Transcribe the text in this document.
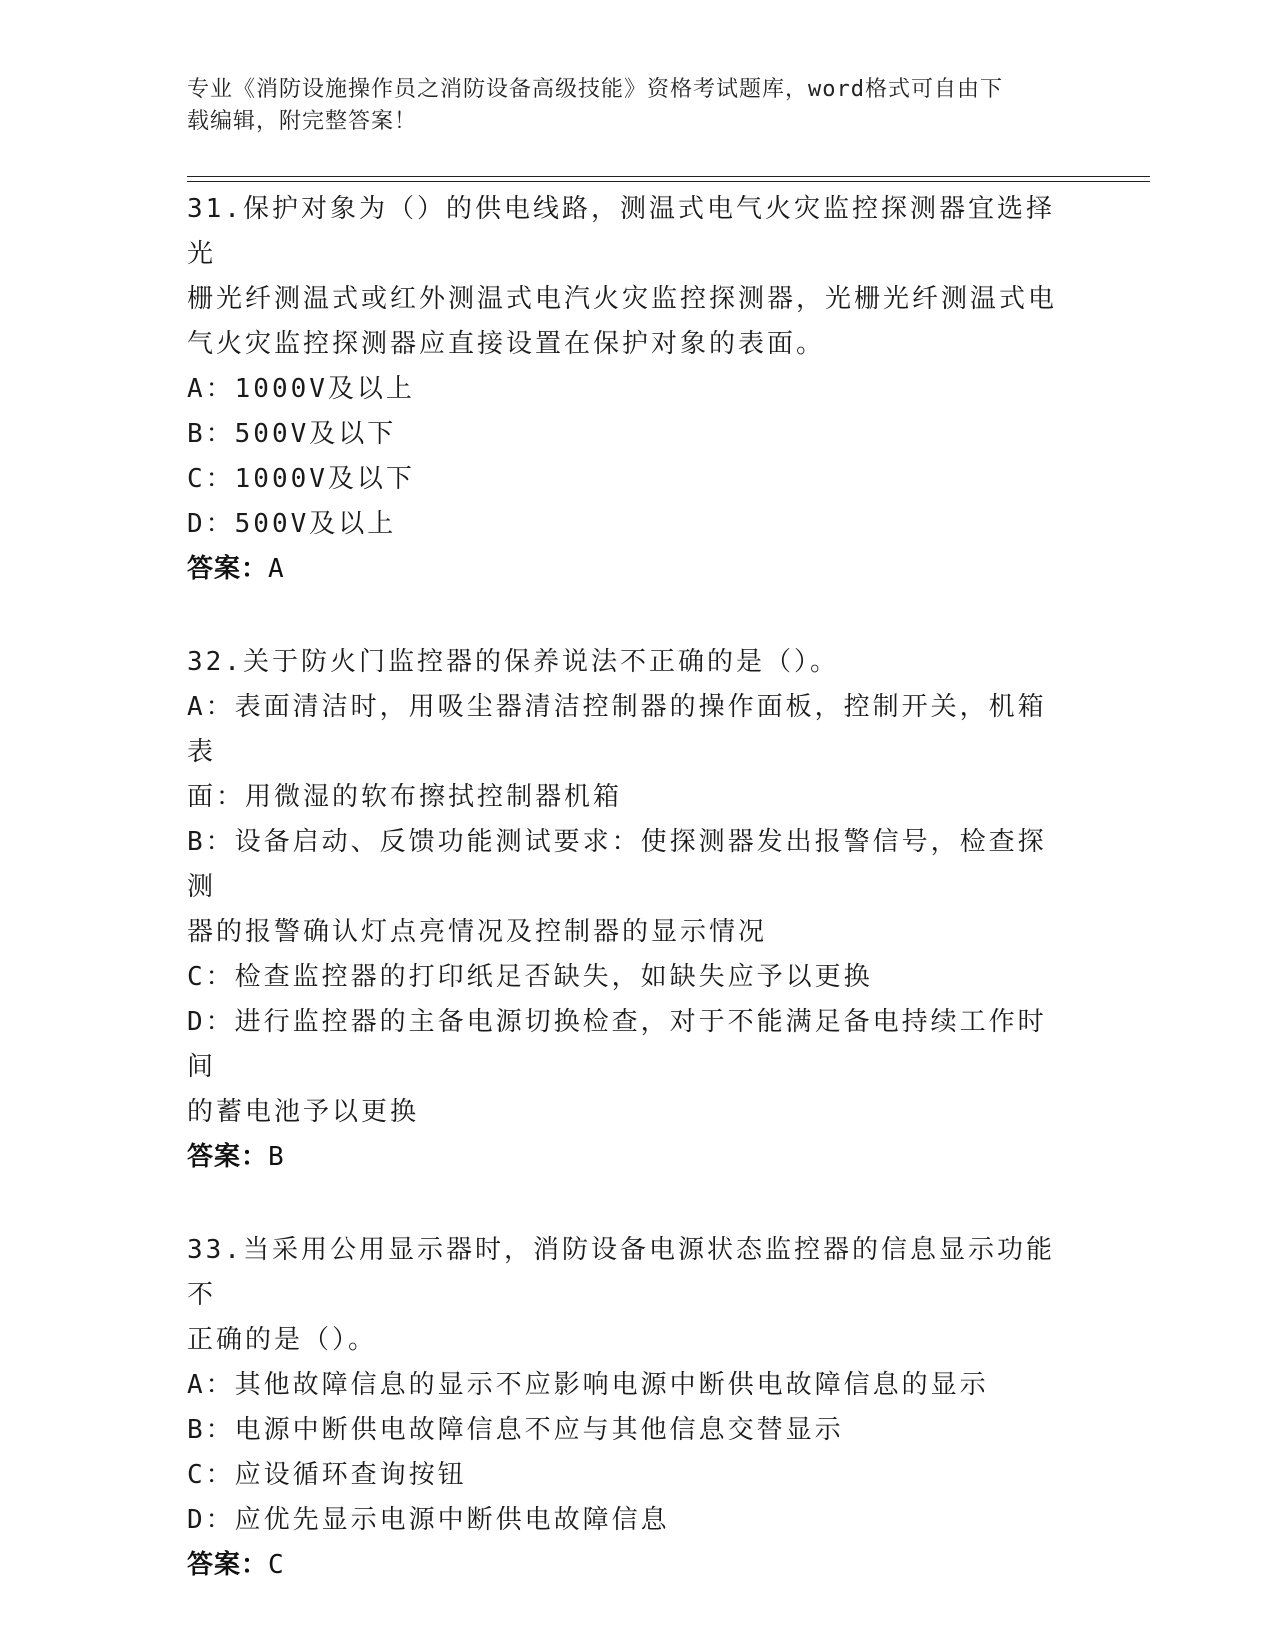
专业《消防设施操作员之消防设备高级技能》资格考试题库，word格式可自由下
载编辑，附完整答案！

31.保护对象为（）的供电线路，测温式电气火灾监控探测器宜选择光

栅光纤测温式或红外测温式电汽火灾监控探测器，光栅光纤测温式电

气火灾监控探测器应直接设置在保护对象的表面。

A：1000V及以上

B：500V及以下

C：1000V及以下

D：500V及以上

答案：A

32.关于防火门监控器的保养说法不正确的是（）。

A：表面清洁时，用吸尘器清洁控制器的操作面板，控制开关，机箱表

面：用微湿的软布擦拭控制器机箱

B：设备启动、反馈功能测试要求：使探测器发出报警信号，检查探测

器的报警确认灯点亮情况及控制器的显示情况

C：检查监控器的打印纸足否缺失，如缺失应予以更换

D：进行监控器的主备电源切换检查，对于不能满足备电持续工作时间

的蓄电池予以更换

答案：B

33.当采用公用显示器时，消防设备电源状态监控器的信息显示功能不

正确的是（）。

A：其他故障信息的显示不应影响电源中断供电故障信息的显示

B：电源中断供电故障信息不应与其他信息交替显示

C：应设循环查询按钮

D：应优先显示电源中断供电故障信息

答案：C
